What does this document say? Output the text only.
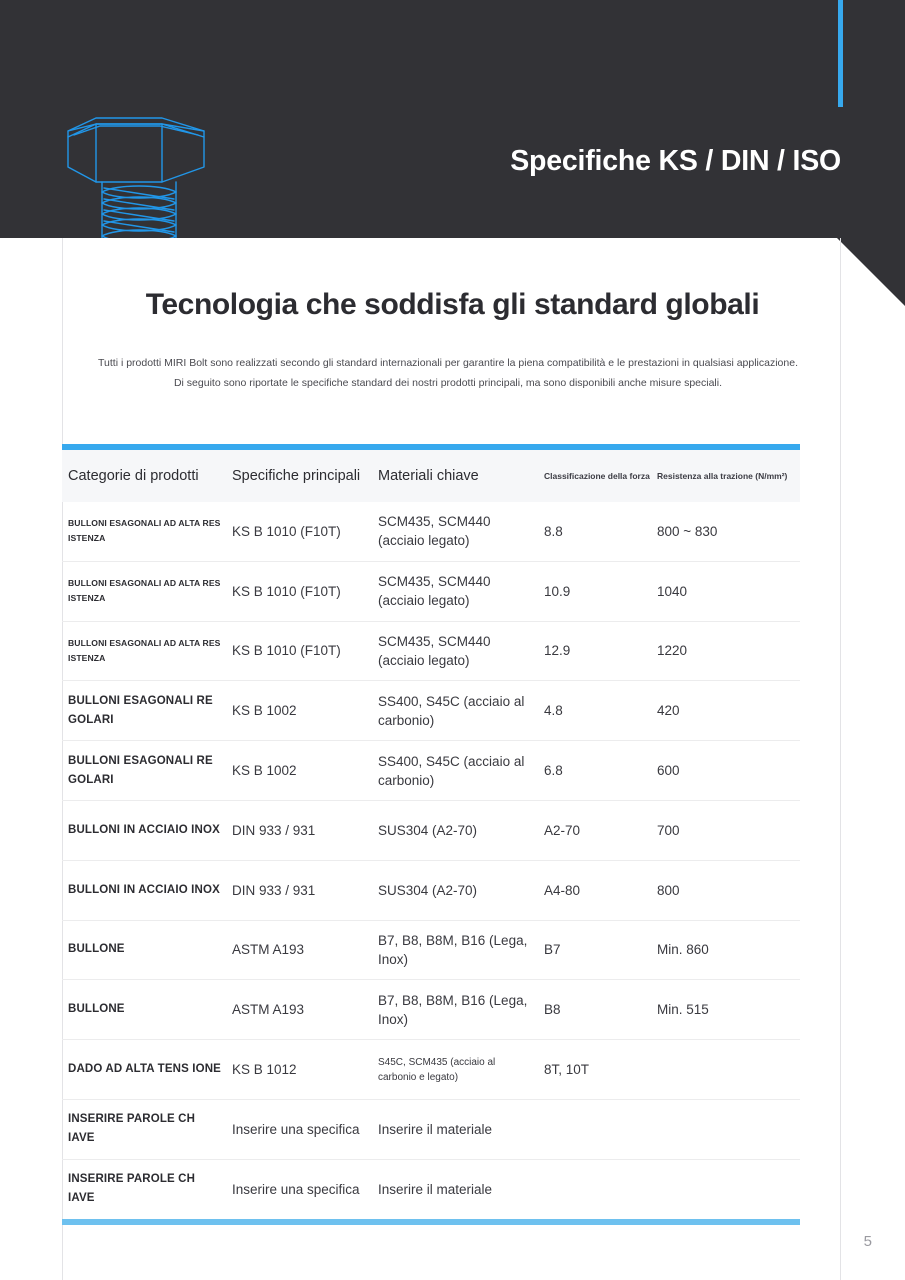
Specifiche KS / DIN / ISO
Tecnologia che soddisfa gli standard globali
Tutti i prodotti MIRI Bolt sono realizzati secondo gli standard internazionali per garantire la piena compatibilità e le prestazioni in qualsiasi applicazione. Di seguito sono riportate le specifiche standard dei nostri prodotti principali, ma sono disponibili anche misure speciali.

Categorie di prodotti	Specifiche principali	Materiali chiave	Classificazione della forza	Resistenza alla trazione (N/mm²)

BULLONI ESAGONALI AD ALTA RES ISTENZA	KS B 1010 (F10T)	SCM435, SCM440 (acciaio legato)	8.8	800 ~ 830

BULLONI ESAGONALI AD ALTA RES ISTENZA	KS B 1010 (F10T)	SCM435, SCM440 (acciaio legato)	10.9	1040

BULLONI ESAGONALI AD ALTA RES ISTENZA	KS B 1010 (F10T)	SCM435, SCM440 (acciaio legato)	12.9	1220

BULLONI ESAGONALI RE GOLARI	KS B 1002	SS400, S45C (acciaio al carbonio)	4.8	420

BULLONI ESAGONALI RE GOLARI	KS B 1002	SS400, S45C (acciaio al carbonio)	6.8	600

BULLONI IN ACCIAIO INOX	DIN 933 / 931	SUS304 (A2-70)	A2-70	700

BULLONI IN ACCIAIO INOX	DIN 933 / 931	SUS304 (A2-70)	A4-80	800

BULLONE	ASTM A193	B7, B8, B8M, B16 (Lega, Inox)	B7	Min. 860

BULLONE	ASTM A193	B7, B8, B8M, B16 (Lega, Inox)	B8	Min. 515

DADO AD ALTA TENS IONE	KS B 1012	S45C, SCM435 (acciaio al carbonio e legato)	8T, 10T	

INSERIRE PAROLE CH IAVE	Inserire una specifica	Inserire il materiale		

INSERIRE PAROLE CH IAVE	Inserire una specifica	Inserire il materiale		

5
